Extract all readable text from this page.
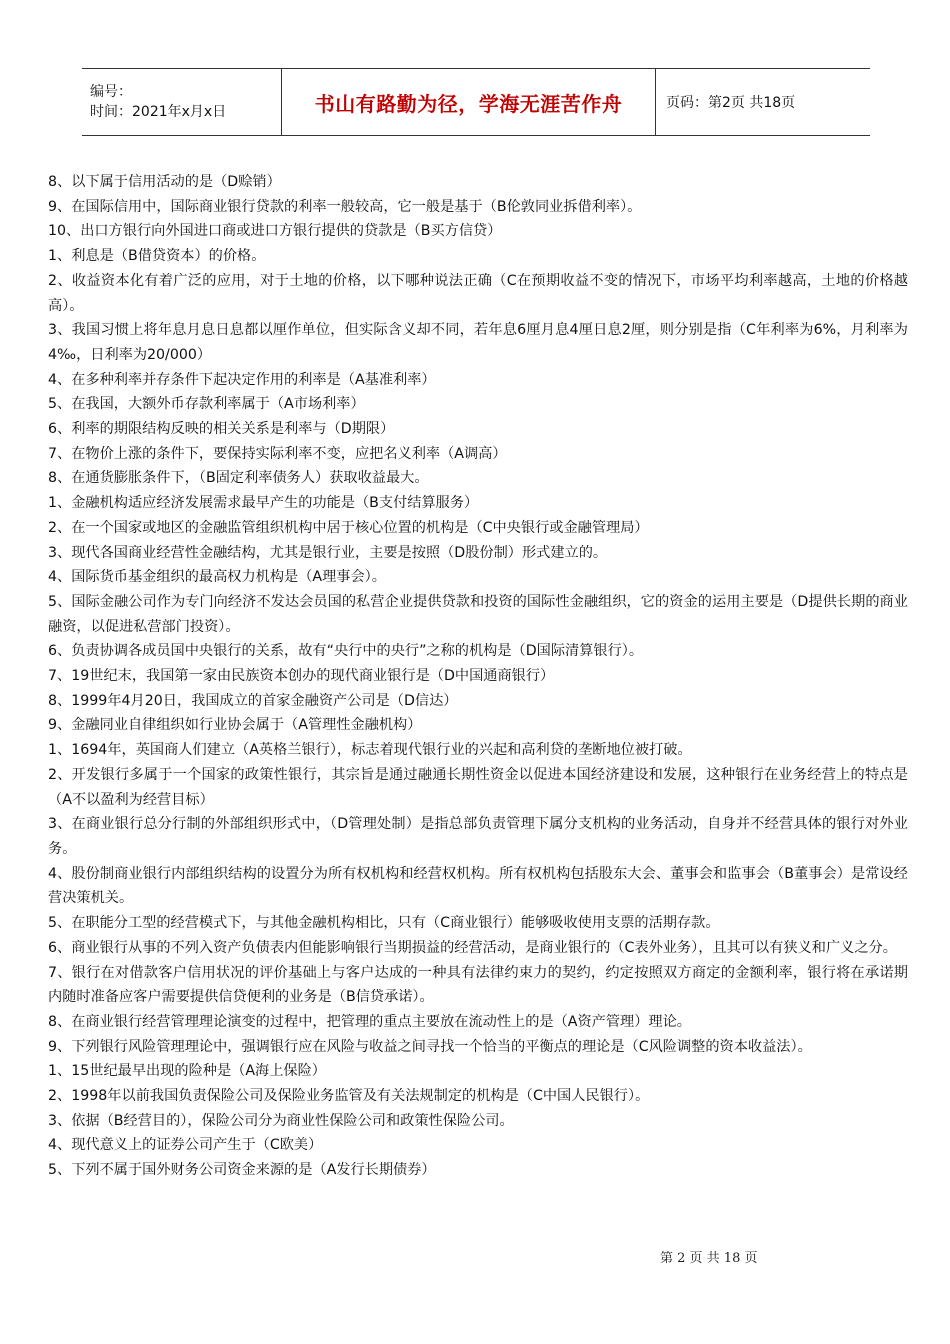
编号：
时间：2021年x月x日	书山有路勤为径，学海无涯苦作舟	页码：第2页 共18页

8、以下属于信用活动的是（D赊销）

9、在国际信用中，国际商业银行贷款的利率一般较高，它一般是基于（B伦敦同业拆借利率）。

10、出口方银行向外国进口商或进口方银行提供的贷款是（B买方信贷）

1、利息是（B借贷资本）的价格。

2、收益资本化有着广泛的应用，对于土地的价格，以下哪种说法正确（C在预期收益不变的情况下，市场平均利率越高，土地的价格越高）。

3、我国习惯上将年息月息日息都以厘作单位，但实际含义却不同，若年息6厘月息4厘日息2厘，则分别是指（C年利率为6%，月利率为4‰，日利率为20/000）

4、在多种利率并存条件下起决定作用的利率是（A基准利率）

5、在我国，大额外币存款利率属于（A市场利率）

6、利率的期限结构反映的相关关系是利率与（D期限）

7、在物价上涨的条件下，要保持实际利率不变，应把名义利率（A调高）

8、在通货膨胀条件下，（B固定利率债务人）获取收益最大。

1、金融机构适应经济发展需求最早产生的功能是（B支付结算服务）

2、在一个国家或地区的金融监管组织机构中居于核心位置的机构是（C中央银行或金融管理局）

3、现代各国商业经营性金融结构，尤其是银行业，主要是按照（D股份制）形式建立的。

4、国际货币基金组织的最高权力机构是（A理事会）。

5、国际金融公司作为专门向经济不发达会员国的私营企业提供贷款和投资的国际性金融组织，它的资金的运用主要是（D提供长期的商业融资，以促进私营部门投资）。

6、负责协调各成员国中央银行的关系，故有“央行中的央行”之称的机构是（D国际清算银行）。

7、19世纪末，我国第一家由民族资本创办的现代商业银行是（D中国通商银行）

8、1999年4月20日，我国成立的首家金融资产公司是（D信达）

9、金融同业自律组织如行业协会属于（A管理性金融机构）

1、1694年，英国商人们建立（A英格兰银行），标志着现代银行业的兴起和高利贷的垄断地位被打破。

2、开发银行多属于一个国家的政策性银行，其宗旨是通过融通长期性资金以促进本国经济建设和发展，这种银行在业务经营上的特点是（A不以盈利为经营目标）

3、在商业银行总分行制的外部组织形式中，（D管理处制）是指总部负责管理下属分支机构的业务活动，自身并不经营具体的银行对外业务。

4、股份制商业银行内部组织结构的设置分为所有权机构和经营权机构。所有权机构包括股东大会、董事会和监事会（B董事会）是常设经营决策机关。

5、在职能分工型的经营模式下，与其他金融机构相比，只有（C商业银行）能够吸收使用支票的活期存款。

6、商业银行从事的不列入资产负债表内但能影响银行当期损益的经营活动，是商业银行的（C表外业务），且其可以有狭义和广义之分。

7、银行在对借款客户信用状况的评价基础上与客户达成的一种具有法律约束力的契约，约定按照双方商定的金额利率，银行将在承诺期内随时准备应客户需要提供信贷便利的业务是（B信贷承诺）。

8、在商业银行经营管理理论演变的过程中，把管理的重点主要放在流动性上的是（A资产管理）理论。

9、下列银行风险管理理论中，强调银行应在风险与收益之间寻找一个恰当的平衡点的理论是（C风险调整的资本收益法）。

1、15世纪最早出现的险种是（A海上保险）

2、1998年以前我国负责保险公司及保险业务监管及有关法规制定的机构是（C中国人民银行）。

3、依据（B经营目的），保险公司分为商业性保险公司和政策性保险公司。

4、现代意义上的证券公司产生于（C欧美）

5、下列不属于国外财务公司资金来源的是（A发行长期债券）

第 2 页 共 18 页
